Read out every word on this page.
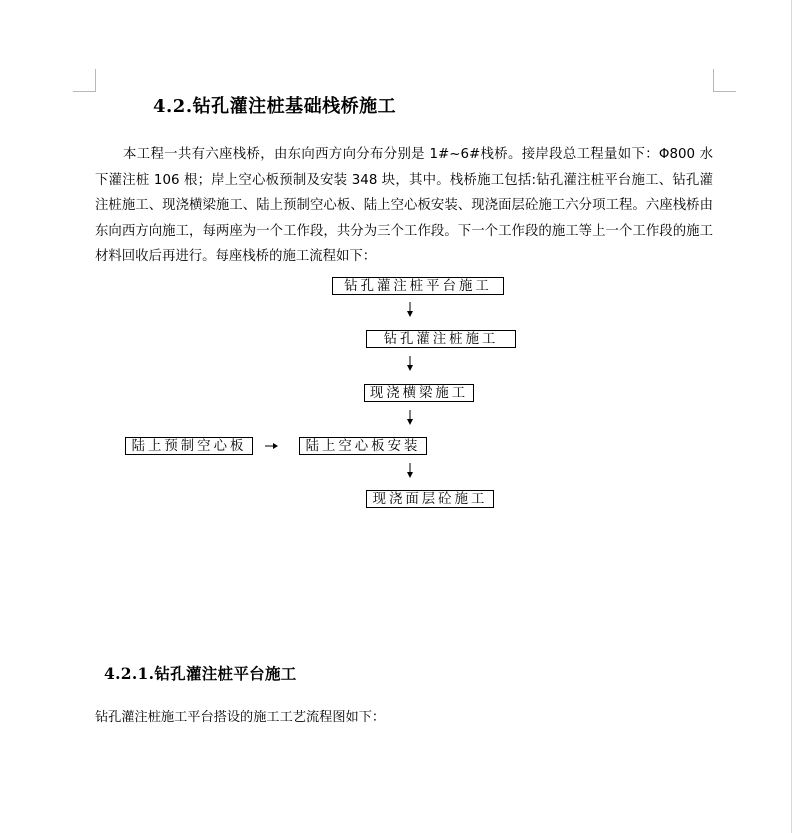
4.2.钻孔灌注桩基础栈桥施工
本工程一共有六座栈桥，由东向西方向分布分别是 1#~6#栈桥。接岸段总工程量如下：Φ800 水下灌注桩 106 根；岸上空心板预制及安装 348 块，其中。栈桥施工包括:钻孔灌注桩平台施工、钻孔灌注桩施工、现浇横梁施工、陆上预制空心板、陆上空心板安装、现浇面层砼施工六分项工程。六座栈桥由东向西方向施工，每两座为一个工作段，共分为三个工作段。下一个工作段的施工等上一个工作段的施工材料回收后再进行。每座栈桥的施工流程如下：
钻孔灌注桩平台施工
钻孔灌注桩施工
现浇横梁施工
陆上预制空心板	陆上空心板安装
现浇面层砼施工
4.2.1.钻孔灌注桩平台施工
钻孔灌注桩施工平台搭设的施工工艺流程图如下：
